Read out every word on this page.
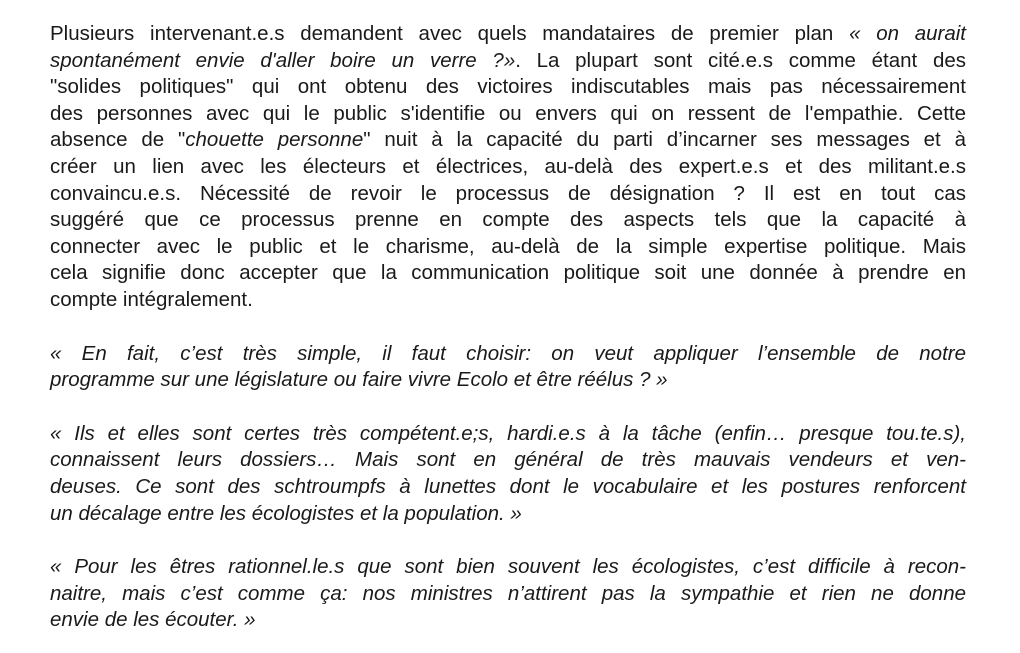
Plusieurs intervenant.e.s demandent avec quels mandataires de premier plan « on aurait
spontanément envie d'aller boire un verre ?». La plupart sont cité.e.s comme étant des
"solides politiques" qui ont obtenu des victoires indiscutables mais pas nécessairement
des personnes avec qui le public s'identifie ou envers qui on ressent de l'empathie. Cette
absence de "chouette personne" nuit à la capacité du parti d’incarner ses messages et à
créer un lien avec les électeurs et électrices, au-delà des expert.e.s et des militant.e.s
convaincu.e.s. Nécessité de revoir le processus de désignation ? Il est en tout cas
suggéré que ce processus prenne en compte des aspects tels que la capacité à
connecter avec le public et le charisme, au-delà de la simple expertise politique. Mais
cela signifie donc accepter que la communication politique soit une donnée à prendre en
compte intégralement.
« En fait, c’est très simple, il faut choisir: on veut appliquer l’ensemble de notre
programme sur une législature ou faire vivre Ecolo et être réélus ? »
« Ils et elles sont certes très compétent.e;s, hardi.e.s à la tâche (enfin… presque tou.te.s),
connaissent leurs dossiers… Mais sont en général de très mauvais vendeurs et ven-
deuses. Ce sont des schtroumpfs à lunettes dont le vocabulaire et les postures renforcent
un décalage entre les écologistes et la population. »
« Pour les êtres rationnel.le.s que sont bien souvent les écologistes, c’est difficile à recon-
naitre, mais c’est comme ça: nos ministres n’attirent pas la sympathie et rien ne donne
envie de les écouter. »
